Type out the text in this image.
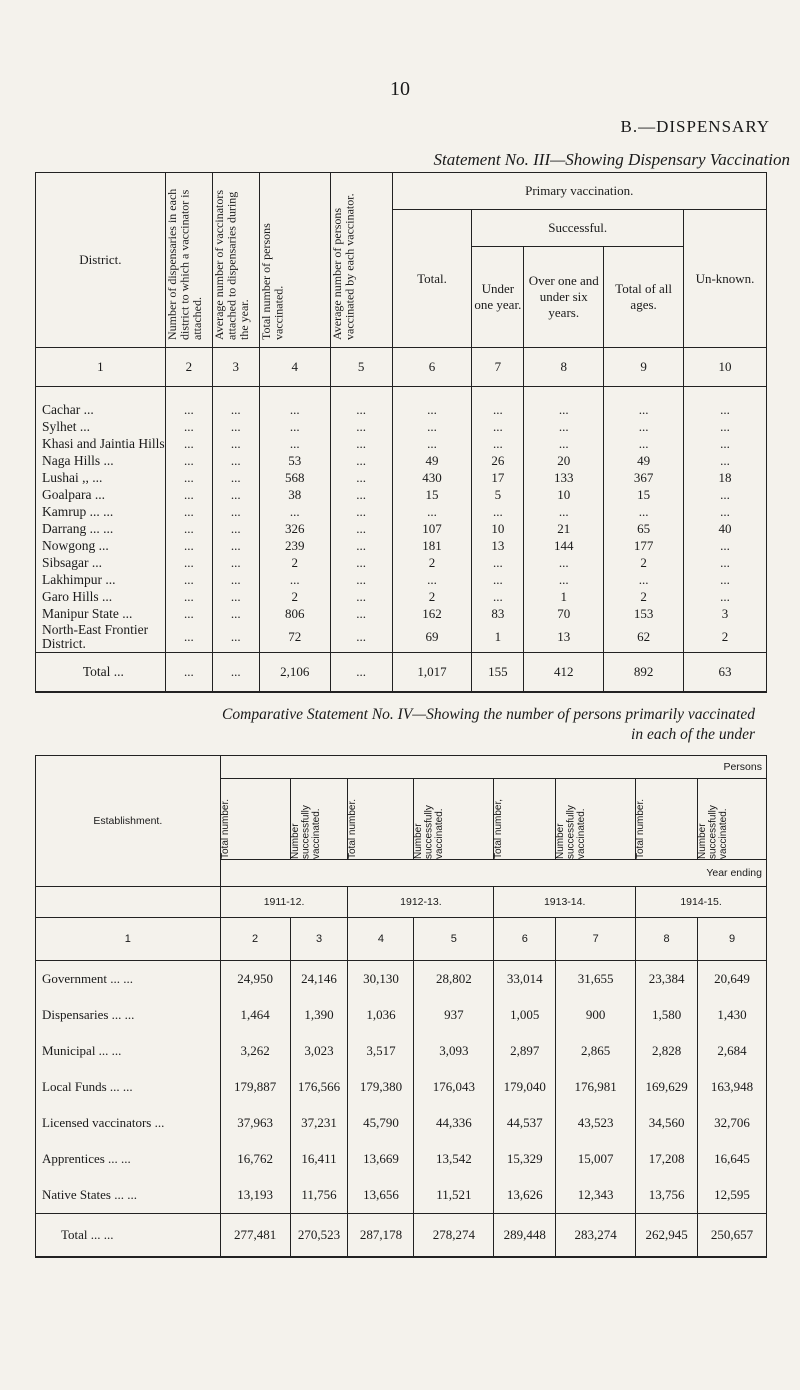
10
B.—DISPENSARY
Statement No. III—Showing Dispensary Vaccination
District.	Number of dispensaries in each district to which a vaccinator is attached.	Average number of vaccinators attached to dispensaries during the year.	Total number of persons vaccinated.	Average number of persons vaccinated by each vaccinator.	Primary vaccination.				
					Total.	Successful.			Un-known.
						Under one year.	Over one and under six years.	Total of all ages.	
1	2	3	4	5	6	7	8	9	10
Cachar ...	...	...	...	...	...	...	...	...	...
Sylhet ...	...	...	...	...	...	...	...	...	...
Khasi and Jaintia Hills	...	...	...	...	...	...	...	...	...
Naga Hills ...	...	...	53	...	49	26	20	49	...
Lushai ,, ...	...	...	568	...	430	17	133	367	18
Goalpara ...	...	...	38	...	15	5	10	15	...
Kamrup ... ...	...	...	...	...	...	...	...	...	...
Darrang ... ...	...	...	326	...	107	10	21	65	40
Nowgong ...	...	...	239	...	181	13	144	177	...
Sibsagar ...	...	...	2	...	2	...	...	2	...
Lakhimpur ...	...	...	...	...	...	...	...	...	...
Garo Hills ...	...	...	2	...	2	...	1	2	...
Manipur State ...	...	...	806	...	162	83	70	153	3
North-East Frontier District.	...	...	72	...	69	1	13	62	2
Total ...	...	...	2,106	...	1,017	155	412	892	63
Comparative Statement No. IV—Showing the number of persons primarily vaccinated
in each of the under
Establishment.	Persons							

	Total number.	Number successfully vaccinated.	Total number.	Number successfully vaccinated.	Total number,	Number successfully vaccinated.	Total number.	Number successfully vaccinated.

	Year ending							
	1911-12.		1912-13.		1913-14.		1914-15.	
1	2	3	4	5	6	7	8	9
Government ... ...	24,950	24,146	30,130	28,802	33,014	31,655	23,384	20,649
Dispensaries ... ...	1,464	1,390	1,036	937	1,005	900	1,580	1,430
Municipal ... ...	3,262	3,023	3,517	3,093	2,897	2,865	2,828	2,684
Local Funds ... ...	179,887	176,566	179,380	176,043	179,040	176,981	169,629	163,948
Licensed vaccinators ...	37,963	37,231	45,790	44,336	44,537	43,523	34,560	32,706
Apprentices ... ...	16,762	16,411	13,669	13,542	15,329	15,007	17,208	16,645
Native States ... ...	13,193	11,756	13,656	11,521	13,626	12,343	13,756	12,595
Total ... ...	277,481	270,523	287,178	278,274	289,448	283,274	262,945	250,657
